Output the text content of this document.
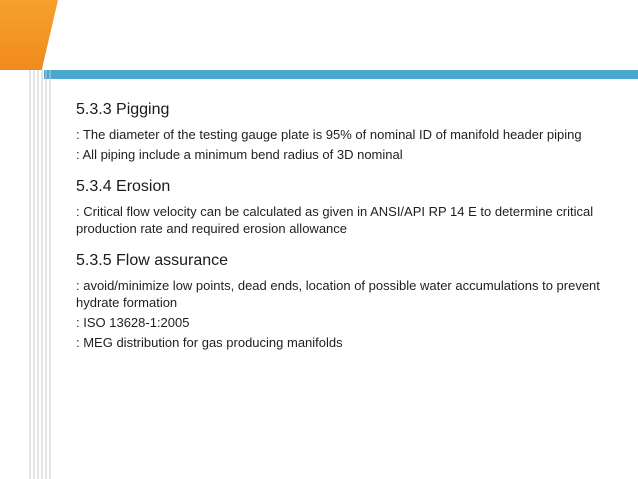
5.3.3 Pigging
: The diameter of the testing gauge plate is 95% of nominal ID of manifold header piping
: All piping include a minimum bend radius of 3D nominal
5.3.4 Erosion
: Critical flow velocity can be calculated as given in ANSI/API RP 14 E to determine critical production rate and required erosion allowance
5.3.5 Flow assurance
: avoid/minimize low points, dead ends, location of possible water accumulations to prevent hydrate formation
: ISO 13628-1:2005
: MEG distribution for gas producing manifolds
